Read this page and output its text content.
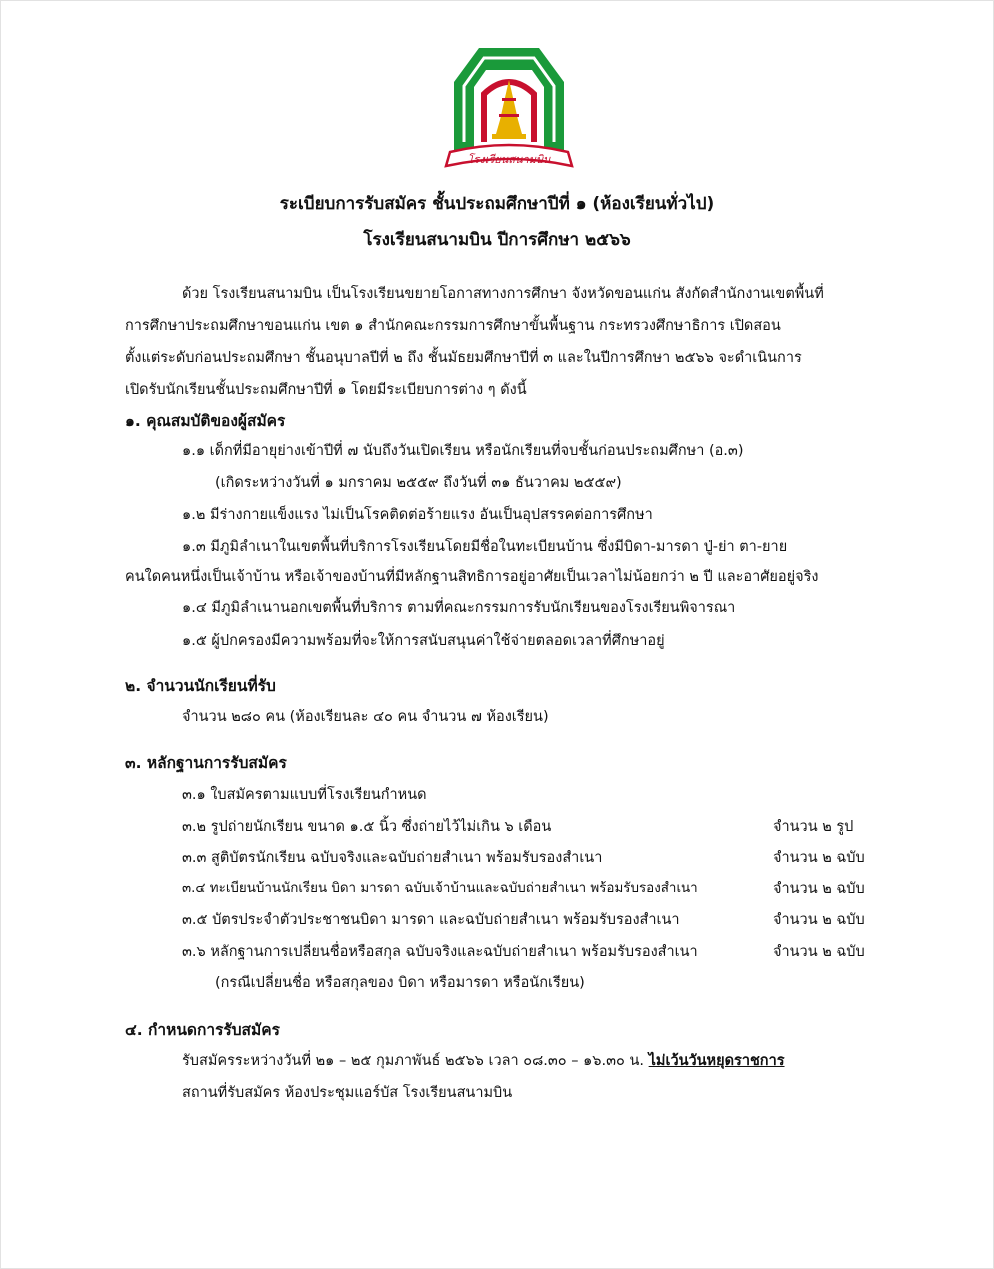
โรงเรียนสนามบิน
ระเบียบการรับสมัคร ชั้นประถมศึกษาปีที่ ๑ (ห้องเรียนทั่วไป)
โรงเรียนสนามบิน ปีการศึกษา ๒๕๖๖
ด้วย โรงเรียนสนามบิน เป็นโรงเรียนขยายโอกาสทางการศึกษา จังหวัดขอนแก่น สังกัดสำนักงานเขตพื้นที่
การศึกษาประถมศึกษาขอนแก่น เขต ๑ สำนักคณะกรรมการศึกษาขั้นพื้นฐาน กระทรวงศึกษาธิการ เปิดสอน
ตั้งแต่ระดับก่อนประถมศึกษา ชั้นอนุบาลปีที่ ๒ ถึง ชั้นมัธยมศึกษาปีที่ ๓ และในปีการศึกษา ๒๕๖๖ จะดำเนินการ
เปิดรับนักเรียนชั้นประถมศึกษาปีที่ ๑ โดยมีระเบียบการต่าง ๆ ดังนี้
๑. คุณสมบัติของผู้สมัคร
๑.๑ เด็กที่มีอายุย่างเข้าปีที่ ๗ นับถึงวันเปิดเรียน หรือนักเรียนที่จบชั้นก่อนประถมศึกษา (อ.๓)
(เกิดระหว่างวันที่ ๑ มกราคม ๒๕๕๙ ถึงวันที่ ๓๑ ธันวาคม ๒๕๕๙)
๑.๒ มีร่างกายแข็งแรง ไม่เป็นโรคติดต่อร้ายแรง อันเป็นอุปสรรคต่อการศึกษา
๑.๓ มีภูมิลำเนาในเขตพื้นที่บริการโรงเรียนโดยมีชื่อในทะเบียนบ้าน ซึ่งมีบิดา-มารดา ปู่-ย่า ตา-ยาย
คนใดคนหนึ่งเป็นเจ้าบ้าน หรือเจ้าของบ้านที่มีหลักฐานสิทธิการอยู่อาศัยเป็นเวลาไม่น้อยกว่า ๒ ปี และอาศัยอยู่จริง
๑.๔ มีภูมิลำเนานอกเขตพื้นที่บริการ ตามที่คณะกรรมการรับนักเรียนของโรงเรียนพิจารณา
๑.๕ ผู้ปกครองมีความพร้อมที่จะให้การสนับสนุนค่าใช้จ่ายตลอดเวลาที่ศึกษาอยู่
๒. จำนวนนักเรียนที่รับ
จำนวน ๒๘๐ คน (ห้องเรียนละ ๔๐ คน จำนวน ๗ ห้องเรียน)
๓. หลักฐานการรับสมัคร
๓.๑ ใบสมัครตามแบบที่โรงเรียนกำหนด
๓.๒ รูปถ่ายนักเรียน ขนาด ๑.๕ นิ้ว ซึ่งถ่ายไว้ไม่เกิน ๖ เดือน	จำนวน ๒ รูป
๓.๓ สูติบัตรนักเรียน ฉบับจริงและฉบับถ่ายสำเนา พร้อมรับรองสำเนา	จำนวน ๒ ฉบับ
๓.๔ ทะเบียนบ้านนักเรียน บิดา มารดา ฉบับเจ้าบ้านและฉบับถ่ายสำเนา พร้อมรับรองสำเนา	จำนวน ๒ ฉบับ
๓.๕ บัตรประจำตัวประชาชนบิดา มารดา และฉบับถ่ายสำเนา พร้อมรับรองสำเนา	จำนวน ๒ ฉบับ
๓.๖ หลักฐานการเปลี่ยนชื่อหรือสกุล ฉบับจริงและฉบับถ่ายสำเนา พร้อมรับรองสำเนา	จำนวน ๒ ฉบับ
(กรณีเปลี่ยนชื่อ หรือสกุลของ บิดา หรือมารดา หรือนักเรียน)
๔. กำหนดการรับสมัคร
รับสมัครระหว่างวันที่ ๒๑ – ๒๕ กุมภาพันธ์ ๒๕๖๖ เวลา ๐๘.๓๐ – ๑๖.๓๐ น. ไม่เว้นวันหยุดราชการ
สถานที่รับสมัคร ห้องประชุมแอร์บัส โรงเรียนสนามบิน
